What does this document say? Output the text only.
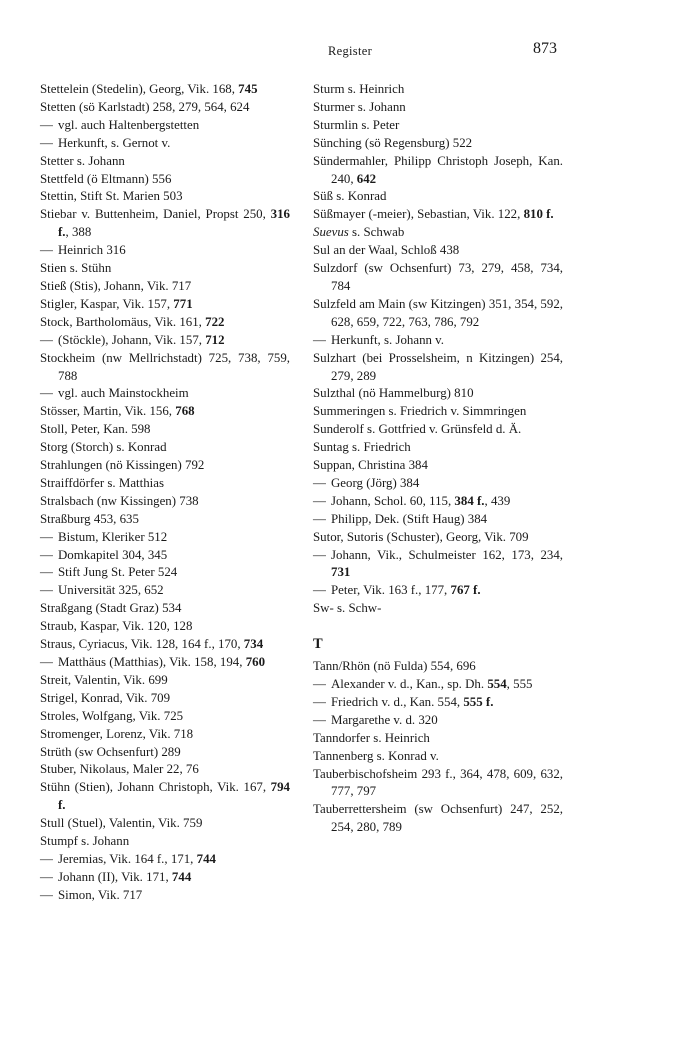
Register	873
Stettelein (Stedelin), Georg, Vik. 168, 745
Stetten (sö Karlstadt) 258, 279, 564, 624
— vgl. auch Haltenbergstetten
— Herkunft, s. Gernot v.
Stetter s. Johann
Stettfeld (ö Eltmann) 556
Stettin, Stift St. Marien 503
Stiebar v. Buttenheim, Daniel, Propst 250, 316 f., 388
— Heinrich 316
Stien s. Stühn
Stieß (Stis), Johann, Vik. 717
Stigler, Kaspar, Vik. 157, 771
Stock, Bartholomäus, Vik. 161, 722
— (Stöckle), Johann, Vik. 157, 712
Stockheim (nw Mellrichstadt) 725, 738, 759, 788
— vgl. auch Mainstockheim
Stösser, Martin, Vik. 156, 768
Stoll, Peter, Kan. 598
Storg (Storch) s. Konrad
Strahlungen (nö Kissingen) 792
Straiffdörfer s. Matthias
Stralsbach (nw Kissingen) 738
Straßburg 453, 635
— Bistum, Kleriker 512
— Domkapitel 304, 345
— Stift Jung St. Peter 524
— Universität 325, 652
Straßgang (Stadt Graz) 534
Straub, Kaspar, Vik. 120, 128
Straus, Cyriacus, Vik. 128, 164 f., 170, 734
— Matthäus (Matthias), Vik. 158, 194, 760
Streit, Valentin, Vik. 699
Strigel, Konrad, Vik. 709
Stroles, Wolfgang, Vik. 725
Stromenger, Lorenz, Vik. 718
Strüth (sw Ochsenfurt) 289
Stuber, Nikolaus, Maler 22, 76
Stühn (Stien), Johann Christoph, Vik. 167, 794 f.
Stull (Stuel), Valentin, Vik. 759
Stumpf s. Johann
— Jeremias, Vik. 164 f., 171, 744
— Johann (II), Vik. 171, 744
— Simon, Vik. 717
Sturm s. Heinrich
Sturmer s. Johann
Sturmlin s. Peter
Sünching (sö Regensburg) 522
Sündermahler, Philipp Christoph Joseph, Kan. 240, 642
Süß s. Konrad
Süßmayer (-meier), Sebastian, Vik. 122, 810 f.
Suevus s. Schwab
Sul an der Waal, Schloß 438
Sulzdorf (sw Ochsenfurt) 73, 279, 458, 734, 784
Sulzfeld am Main (sw Kitzingen) 351, 354, 592, 628, 659, 722, 763, 786, 792
— Herkunft, s. Johann v.
Sulzhart (bei Prosselsheim, n Kitzingen) 254, 279, 289
Sulzthal (nö Hammelburg) 810
Summeringen s. Friedrich v. Simmringen
Sunderolf s. Gottfried v. Grünsfeld d. Ä.
Suntag s. Friedrich
Suppan, Christina 384
— Georg (Jörg) 384
— Johann, Schol. 60, 115, 384 f., 439
— Philipp, Dek. (Stift Haug) 384
Sutor, Sutoris (Schuster), Georg, Vik. 709
— Johann, Vik., Schulmeister 162, 173, 234, 731
— Peter, Vik. 163 f., 177, 767 f.
Sw- s. Schw-
T
Tann/Rhön (nö Fulda) 554, 696
— Alexander v. d., Kan., sp. Dh. 554, 555
— Friedrich v. d., Kan. 554, 555 f.
— Margarethe v. d. 320
Tanndorfer s. Heinrich
Tannenberg s. Konrad v.
Tauberbischofsheim 293 f., 364, 478, 609, 632, 777, 797
Tauberrettersheim (sw Ochsenfurt) 247, 252, 254, 280, 789
